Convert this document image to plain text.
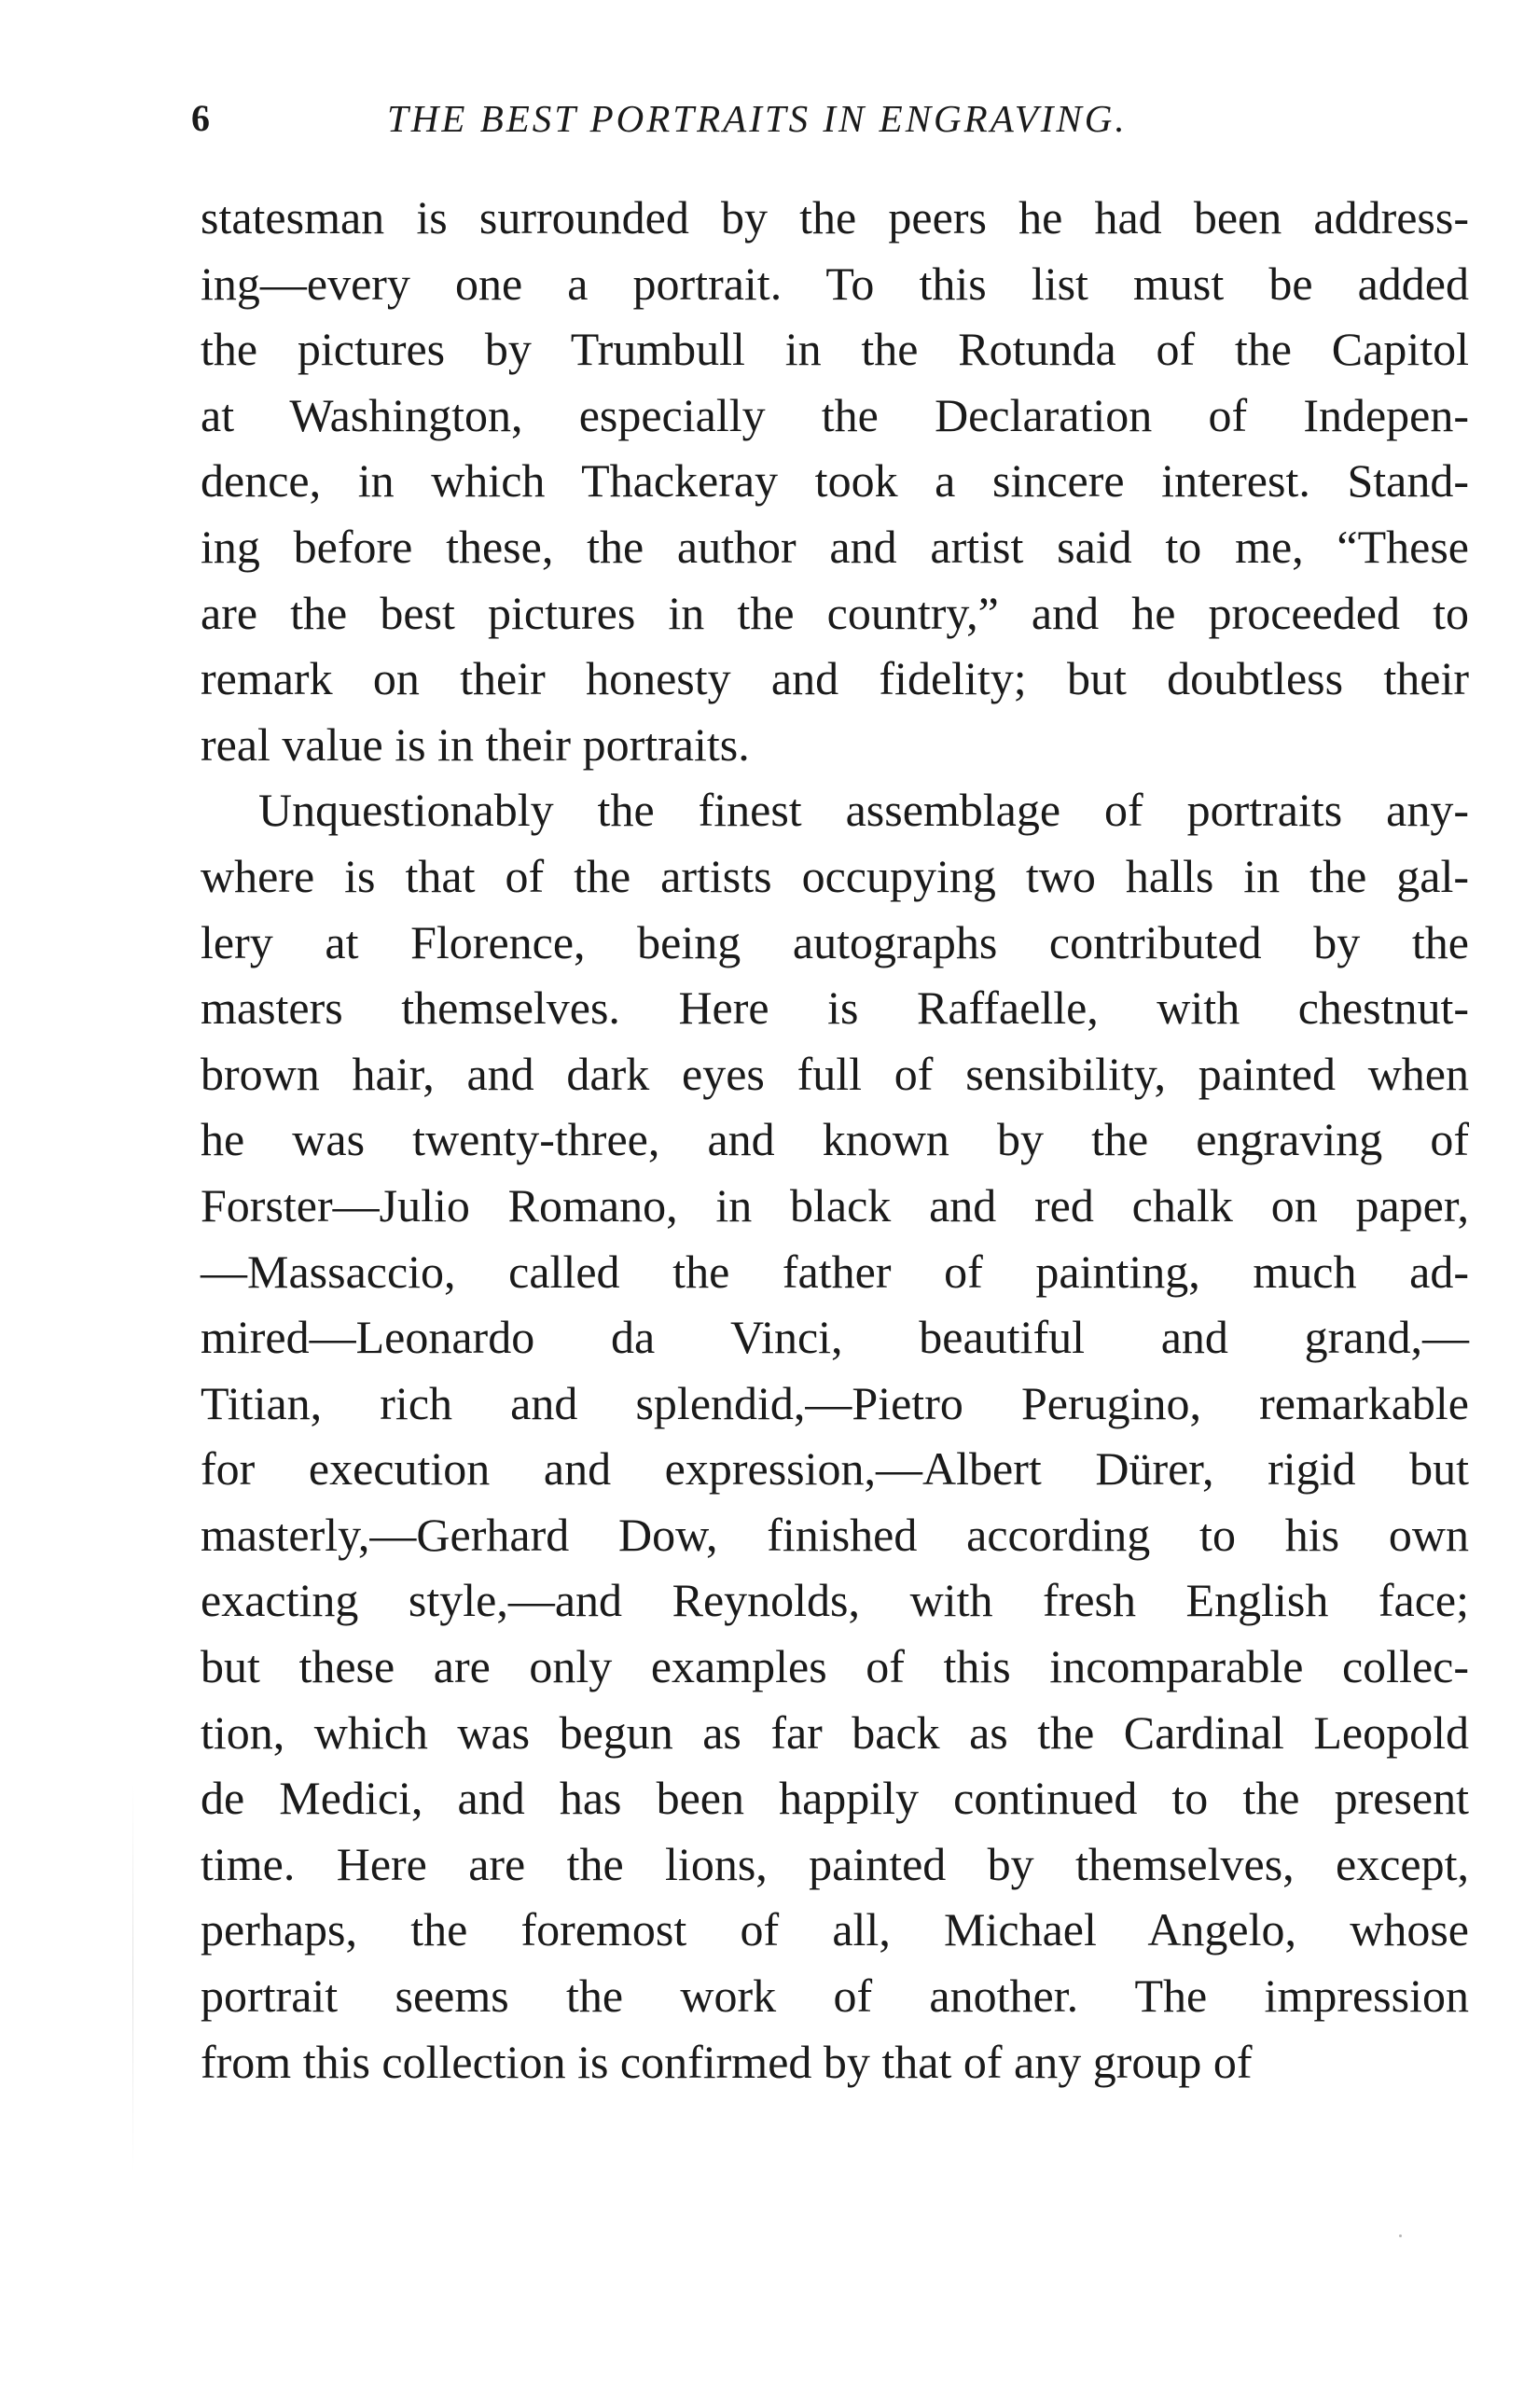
6	THE BEST PORTRAITS IN ENGRAVING.
statesman is surrounded by the peers he had been address-
ing—every one a portrait. To this list must be added
the pictures by Trumbull in the Rotunda of the Capitol
at Washington, especially the Declaration of Indepen-
dence, in which Thackeray took a sincere interest. Stand-
ing before these, the author and artist said to me, “These
are the best pictures in the country,” and he proceeded to
remark on their honesty and fidelity; but doubtless their
real value is in their portraits.
Unquestionably the finest assemblage of portraits any-
where is that of the artists occupying two halls in the gal-
lery at Florence, being autographs contributed by the
masters themselves. Here is Raffaelle, with chestnut-
brown hair, and dark eyes full of sensibility, painted when
he was twenty-three, and known by the engraving of
Forster—Julio Romano, in black and red chalk on paper,
—Massaccio, called the father of painting, much ad-
mired—Leonardo da Vinci, beautiful and grand,—
Titian, rich and splendid,—Pietro Perugino, remarkable
for execution and expression,—Albert Dürer, rigid but
masterly,—Gerhard Dow, finished according to his own
exacting style,—and Reynolds, with fresh English face;
but these are only examples of this incomparable collec-
tion, which was begun as far back as the Cardinal Leopold
de Medici, and has been happily continued to the present
time. Here are the lions, painted by themselves, except,
perhaps, the foremost of all, Michael Angelo, whose
portrait seems the work of another. The impression
from this collection is confirmed by that of any group of
